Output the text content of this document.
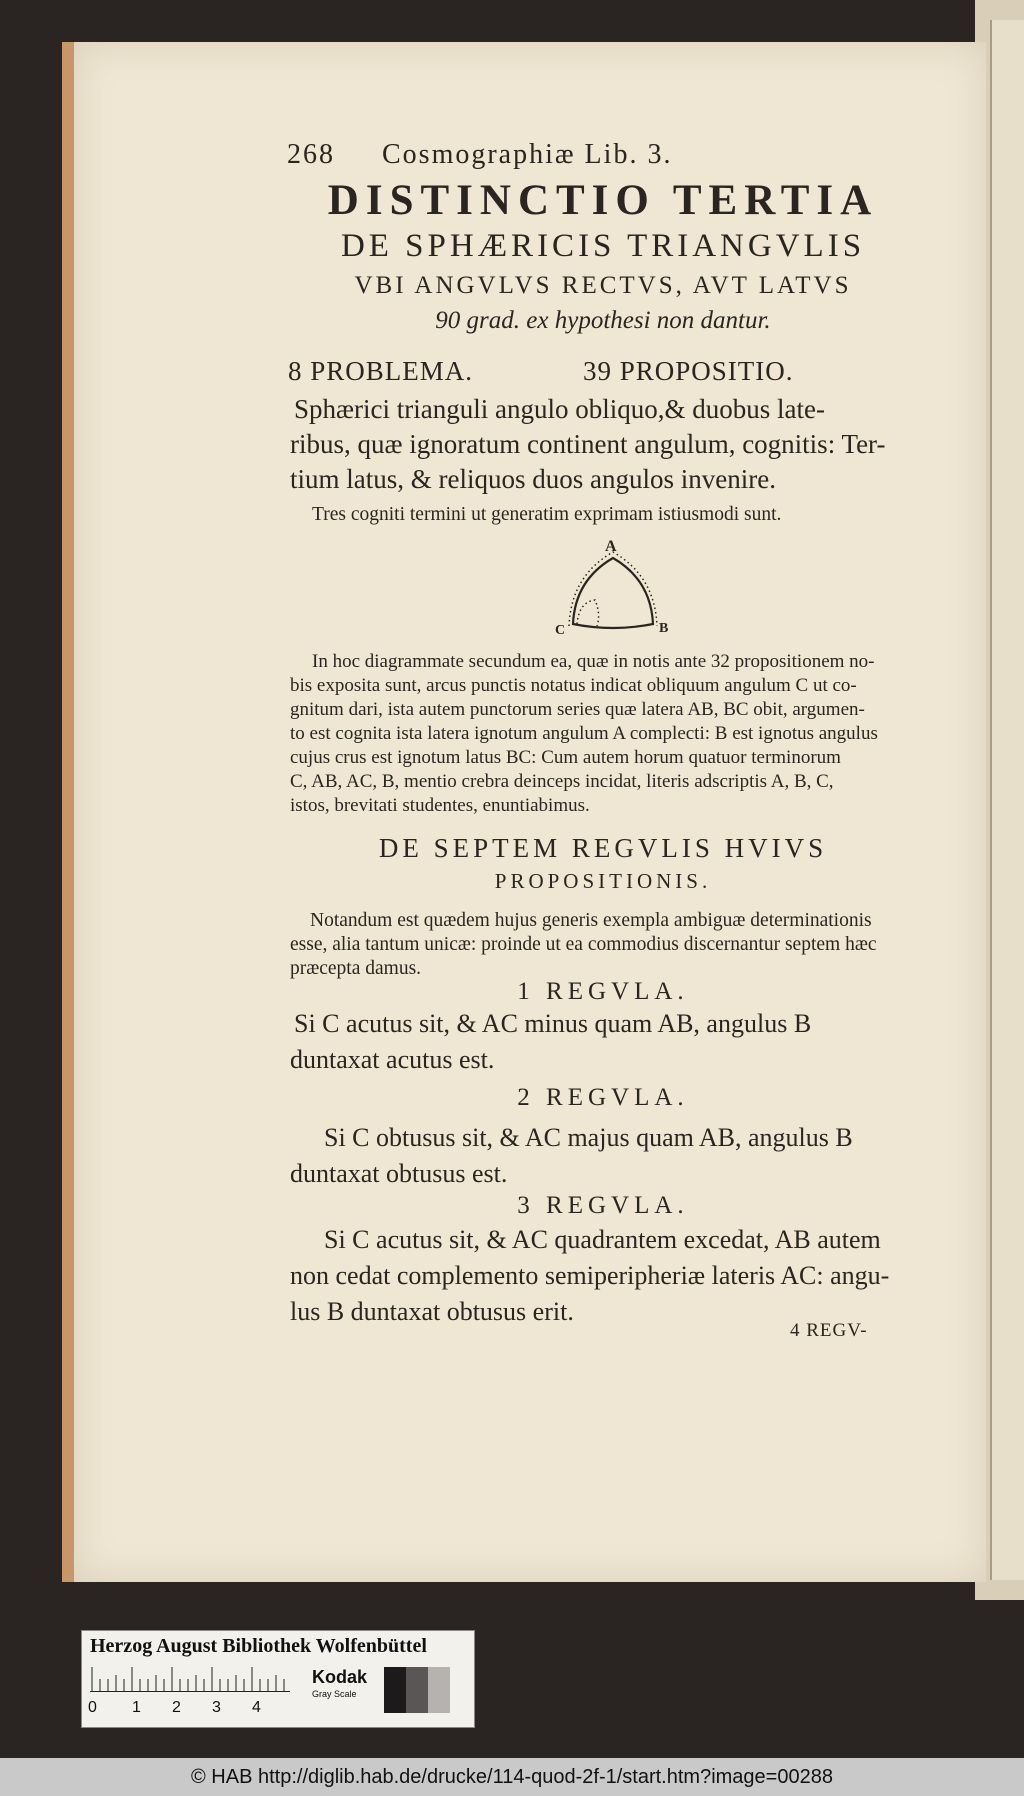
268 Cosmographiæ Lib. 3.
DISTINCTIO TERTIA
DE SPHÆRICIS TRIANGVLIS
VBI ANGVLVS RECTVS, AVT LATVS
90 grad. ex hypothesi non dantur.
8 PROBLEMA.	39 PROPOSITIO.
Sphærici trianguli angulo obliquo,& duobus late-
ribus, quæ ignoratum continent angulum, cognitis: Ter-
tium latus, & reliquos duos angulos invenire.
Tres cogniti termini ut generatim exprimam istiusmodi sunt.
A
C	B
In hoc diagrammate secundum ea, quæ in notis ante 32 propositionem no-
bis exposita sunt, arcus punctis notatus indicat obliquum angulum C ut co-
gnitum dari, ista autem punctorum series quæ latera AB, BC obit, argumen-
to est cognita ista latera ignotum angulum A complecti: B est ignotus angulus
cujus crus est ignotum latus BC: Cum autem horum quatuor terminorum
C, AB, AC, B, mentio crebra deinceps incidat, literis adscriptis A, B, C,
istos, brevitati studentes, enuntiabimus.
DE SEPTEM REGVLIS HVIVS
PROPOSITIONIS.
Notandum est quædem hujus generis exempla ambiguæ determinationis
esse, alia tantum unicæ: proinde ut ea commodius discernantur septem hæc
præcepta damus.
1 REGVLA.
Si C acutus sit, & AC minus quam AB, angulus B
duntaxat acutus est.
2 REGVLA.
Si C obtusus sit, & AC majus quam AB, angulus B
duntaxat obtusus est.
3 REGVLA.
Si C acutus sit, & AC quadrantem excedat, AB autem
non cedat complemento semiperipheriæ lateris AC: angu-
lus B duntaxat obtusus erit.
4 REGV-
Herzog August Bibliothek Wolfenbüttel
0 1 2 3 4
Kodak
Gray Scale
© HAB http://diglib.hab.de/drucke/114-quod-2f-1/start.htm?image=00288
